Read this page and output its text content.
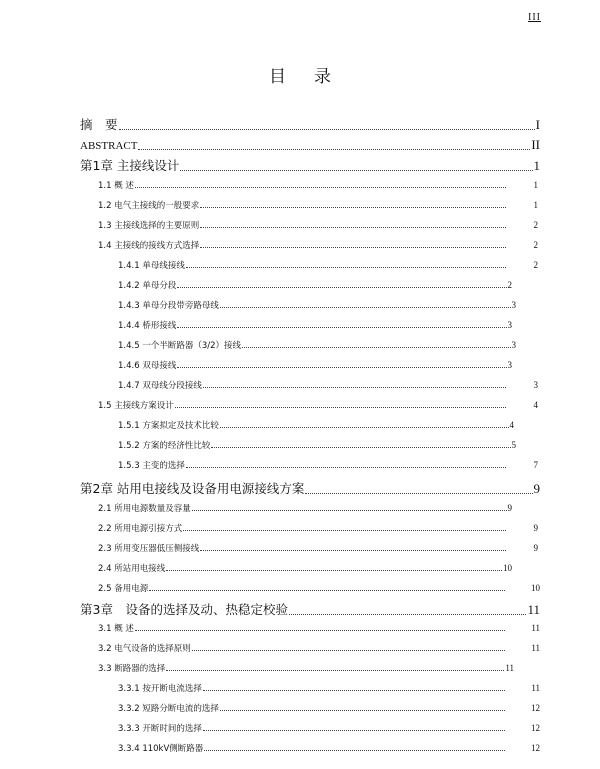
III
目 录
摘　要	I
ABSTRACT	II
第1章 主接线设计	1
1.1 概 述	1
1.2 电气主接线的一般要求	1
1.3 主接线选择的主要原则	2
1.4 主接线的接线方式选择	2
1.4.1 单母线接线	2
1.4.2 单母分段	2
1.4.3 单母分段带旁路母线	3
1.4.4 桥形接线	3
1.4.5 一个半断路器（3/2）接线	3
1.4.6 双母接线	3
1.4.7 双母线分段接线	3
1.5 主接线方案设计	4
1.5.1 方案拟定及技术比较	4
1.5.2 方案的经济性比较	5
1.5.3 主变的选择	7
第2章 站用电接线及设备用电源接线方案	9
2.1 所用电源数量及容量	9
2.2 所用电源引接方式	9
2.3 所用变压器低压侧接线	9
2.4 所站用电接线	10
2.5 备用电源	10
第3章　设备的选择及动、热稳定校验	11
3.1 概 述	11
3.2 电气设备的选择原则	11
3.3 断路器的选择	11
3.3.1 按开断电流选择	11
3.3.2 短路分断电流的选择	12
3.3.3 开断时间的选择	12
3.3.4 110kV侧断路器	12
